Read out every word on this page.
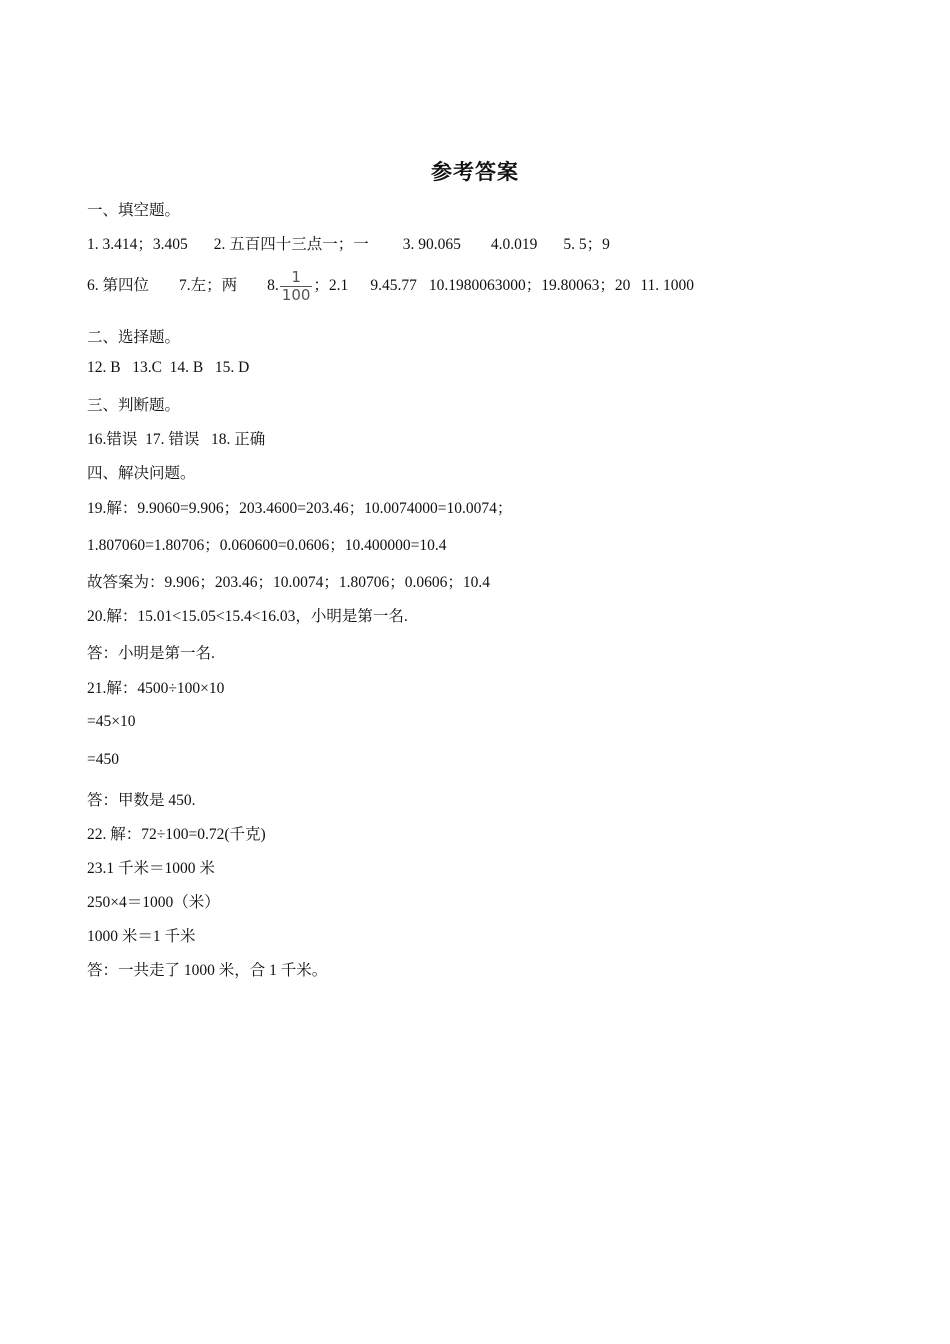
参考答案
一、填空题。
1. 3.414；3.405 2. 五百四十三点一；一 3. 90.065 4.0.019 5. 5；9
6. 第四位 7.左；两 8. $\frac{1}{100}$ ；2.1 9.45.77 10.1980063000；19.80063；20 11. 1000
二、选择题。
12. B   13.C  14. B   15. D
三、判断题。
16.错误  17. 错误   18. 正确
四、解决问题。
19.解：9.9060=9.906；203.4600=203.46；10.0074000=10.0074；
1.807060=1.80706；0.060600=0.0606；10.400000=10.4
故答案为：9.906；203.46；10.0074；1.80706；0.0606；10.4
20.解：15.01<15.05<15.4<16.03，小明是第一名.
答：小明是第一名.
21.解：4500÷100×10
=45×10
=450
答：甲数是 450.
22. 解：72÷100=0.72(千克)
23.1 千米＝1000 米
250×4＝1000（米）
1000 米＝1 千米
答：一共走了 1000 米，合 1 千米。
